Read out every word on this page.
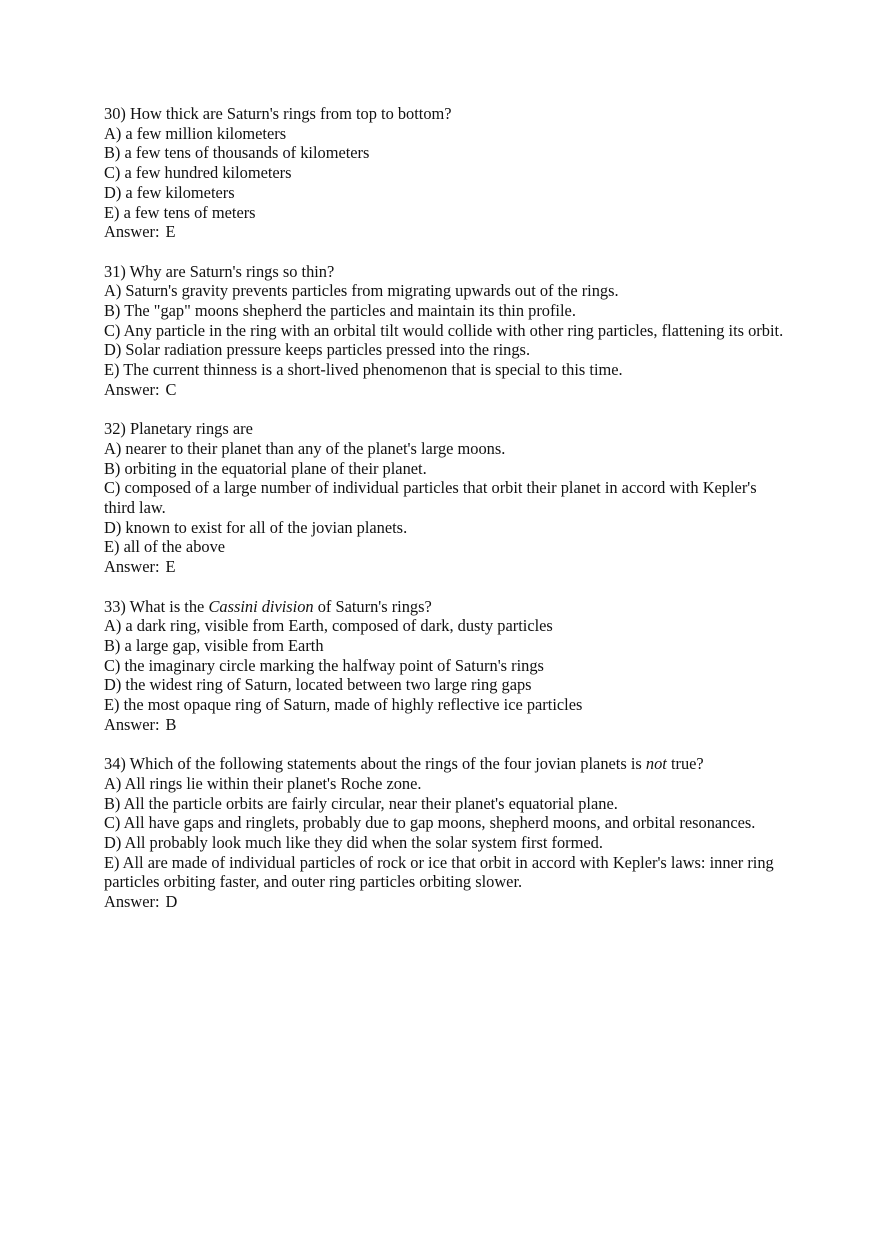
30) How thick are Saturn's rings from top to bottom?
A) a few million kilometers
B) a few tens of thousands of kilometers
C) a few hundred kilometers
D) a few kilometers
E) a few tens of meters
Answer: E
31) Why are Saturn's rings so thin?
A) Saturn's gravity prevents particles from migrating upwards out of the rings.
B) The "gap" moons shepherd the particles and maintain its thin profile.
C) Any particle in the ring with an orbital tilt would collide with other ring particles, flattening its orbit.
D) Solar radiation pressure keeps particles pressed into the rings.
E) The current thinness is a short-lived phenomenon that is special to this time.
Answer: C
32) Planetary rings are
A) nearer to their planet than any of the planet's large moons.
B) orbiting in the equatorial plane of their planet.
C) composed of a large number of individual particles that orbit their planet in accord with Kepler's third law.
D) known to exist for all of the jovian planets.
E) all of the above
Answer: E
33) What is the Cassini division of Saturn's rings?
A) a dark ring, visible from Earth, composed of dark, dusty particles
B) a large gap, visible from Earth
C) the imaginary circle marking the halfway point of Saturn's rings
D) the widest ring of Saturn, located between two large ring gaps
E) the most opaque ring of Saturn, made of highly reflective ice particles
Answer: B
34) Which of the following statements about the rings of the four jovian planets is not true?
A) All rings lie within their planet's Roche zone.
B) All the particle orbits are fairly circular, near their planet's equatorial plane.
C) All have gaps and ringlets, probably due to gap moons, shepherd moons, and orbital resonances.
D) All probably look much like they did when the solar system first formed.
E) All are made of individual particles of rock or ice that orbit in accord with Kepler's laws: inner ring particles orbiting faster, and outer ring particles orbiting slower.
Answer: D
